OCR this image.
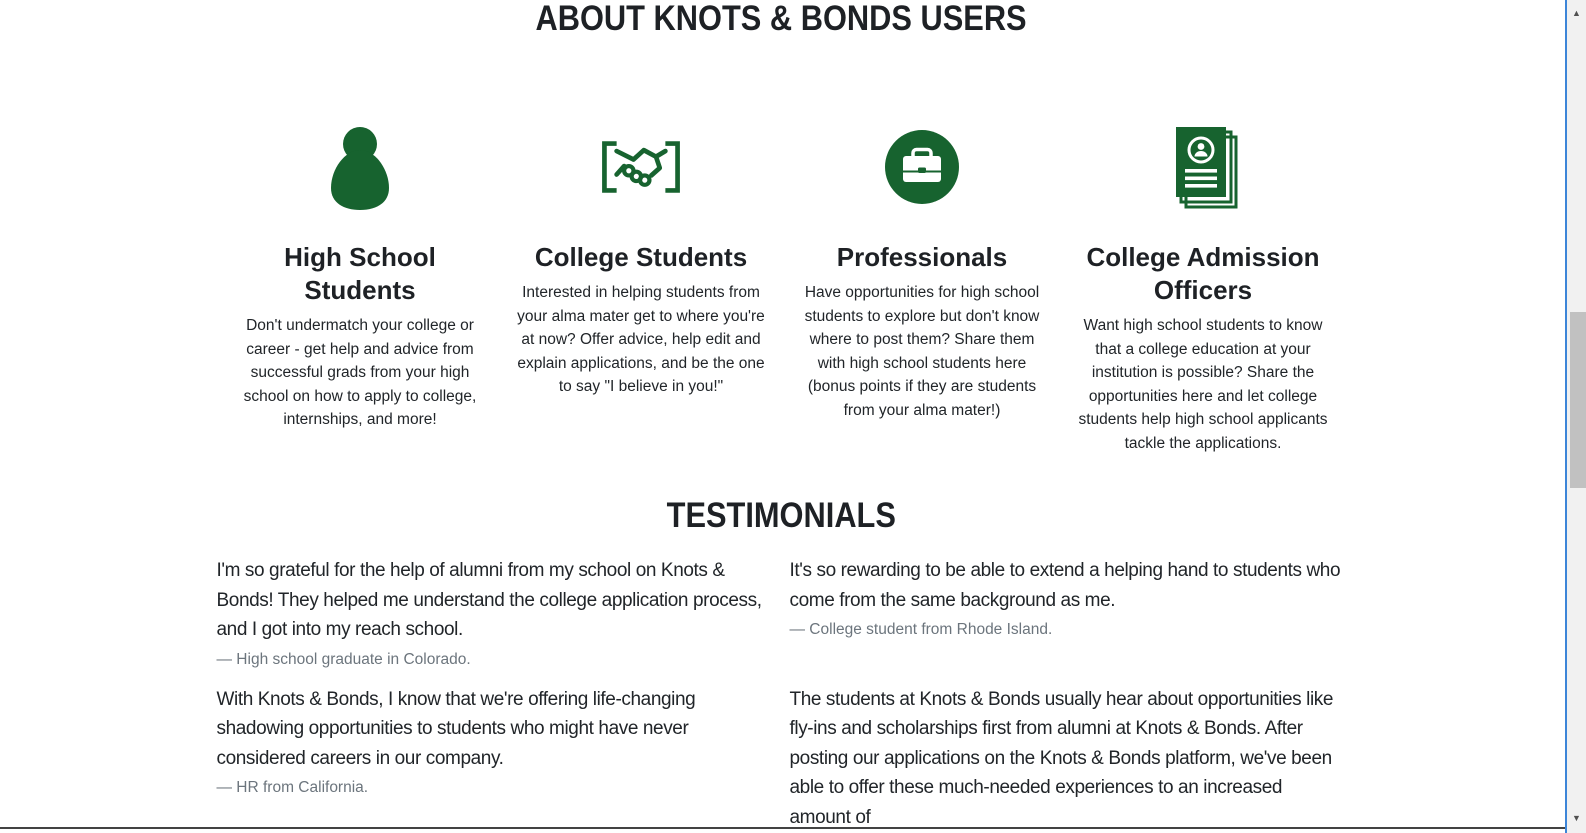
ABOUT KNOTS & BONDS USERS
High School Students
Don't undermatch your college or career - get help and advice from successful grads from your high school on how to apply to college, internships, and more!
College Students
Interested in helping students from your alma mater get to where you're at now? Offer advice, help edit and explain applications, and be the one to say "I believe in you!"
Professionals
Have opportunities for high school students to explore but don't know where to post them? Share them with high school students here (bonus points if they are students from your alma mater!)
College Admission Officers
Want high school students to know that a college education at your institution is possible? Share the opportunities here and let college students help high school applicants tackle the applications.
TESTIMONIALS
I'm so grateful for the help of alumni from my school on Knots & Bonds! They helped me understand the college application process, and I got into my reach school.
— High school graduate in Colorado.
It's so rewarding to be able to extend a helping hand to students who come from the same background as me.
— College student from Rhode Island.
With Knots & Bonds, I know that we're offering life-changing shadowing opportunities to students who might have never considered careers in our company.
— HR from California.
The students at Knots & Bonds usually hear about opportunities like fly-ins and scholarships first from alumni at Knots & Bonds. After posting our applications on the Knots & Bonds platform, we've been able to offer these much-needed experiences to an increased amount of
▲
▼
